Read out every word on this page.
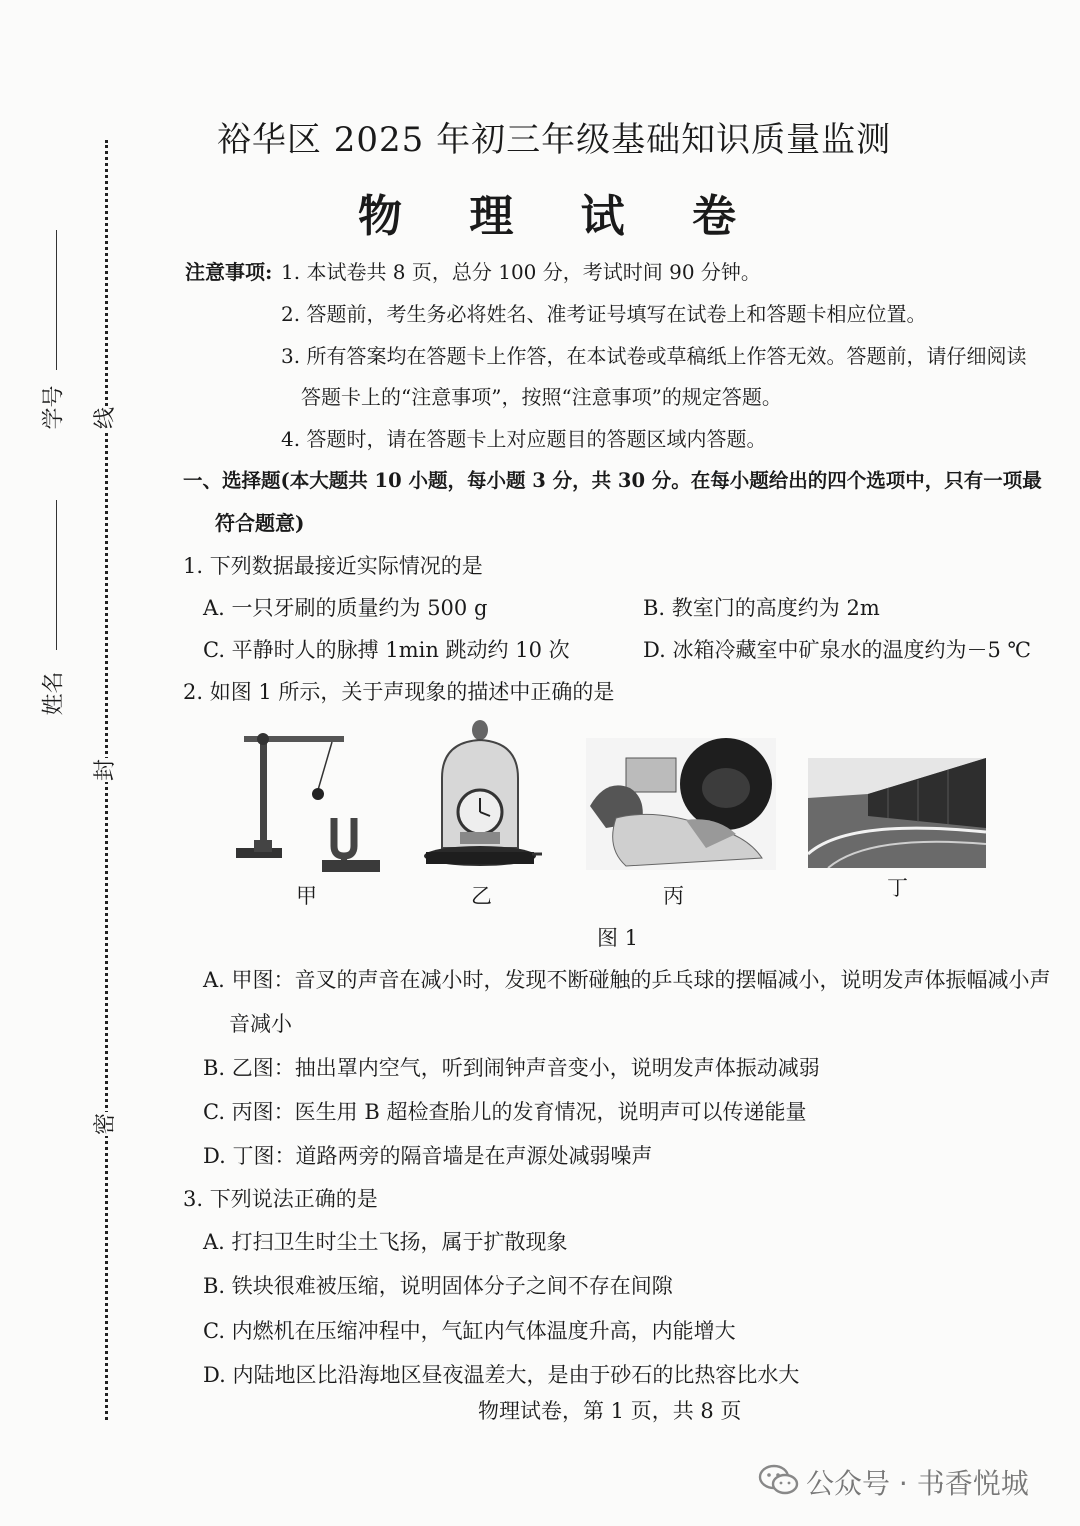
线
封
密
学号
姓名
裕华区 2025 年初三年级基础知识质量监测
物 理 试 卷
注意事项: 1. 本试卷共 8 页，总分 100 分，考试时间 90 分钟。
2. 答题前，考生务必将姓名、准考证号填写在试卷上和答题卡相应位置。
3. 所有答案均在答题卡上作答，在本试卷或草稿纸上作答无效。答题前，请仔细阅读
答题卡上的“注意事项”，按照“注意事项”的规定答题。
4. 答题时，请在答题卡上对应题目的答题区域内答题。
一、选择题(本大题共 10 小题，每小题 3 分，共 30 分。在每小题给出的四个选项中，只有一项最
符合题意)
1. 下列数据最接近实际情况的是
A. 一只牙刷的质量约为 500 g	B. 教室门的高度约为 2m
C. 平静时人的脉搏 1min 跳动约 10 次	D. 冰箱冷藏室中矿泉水的温度约为－5 ℃
2. 如图 1 所示，关于声现象的描述中正确的是
甲	乙	丙	丁
图 1
A. 甲图：音叉的声音在减小时，发现不断碰触的乒乓球的摆幅减小，说明发声体振幅减小声
音减小
B. 乙图：抽出罩内空气，听到闹钟声音变小，说明发声体振动减弱
C. 丙图：医生用 B 超检查胎儿的发育情况，说明声可以传递能量
D. 丁图：道路两旁的隔音墙是在声源处减弱噪声
3. 下列说法正确的是
A. 打扫卫生时尘土飞扬，属于扩散现象
B. 铁块很难被压缩，说明固体分子之间不存在间隙
C. 内燃机在压缩冲程中，气缸内气体温度升高，内能增大
D. 内陆地区比沿海地区昼夜温差大，是由于砂石的比热容比水大
物理试卷，第 1 页，共 8 页
公众号 · 书香悦城
